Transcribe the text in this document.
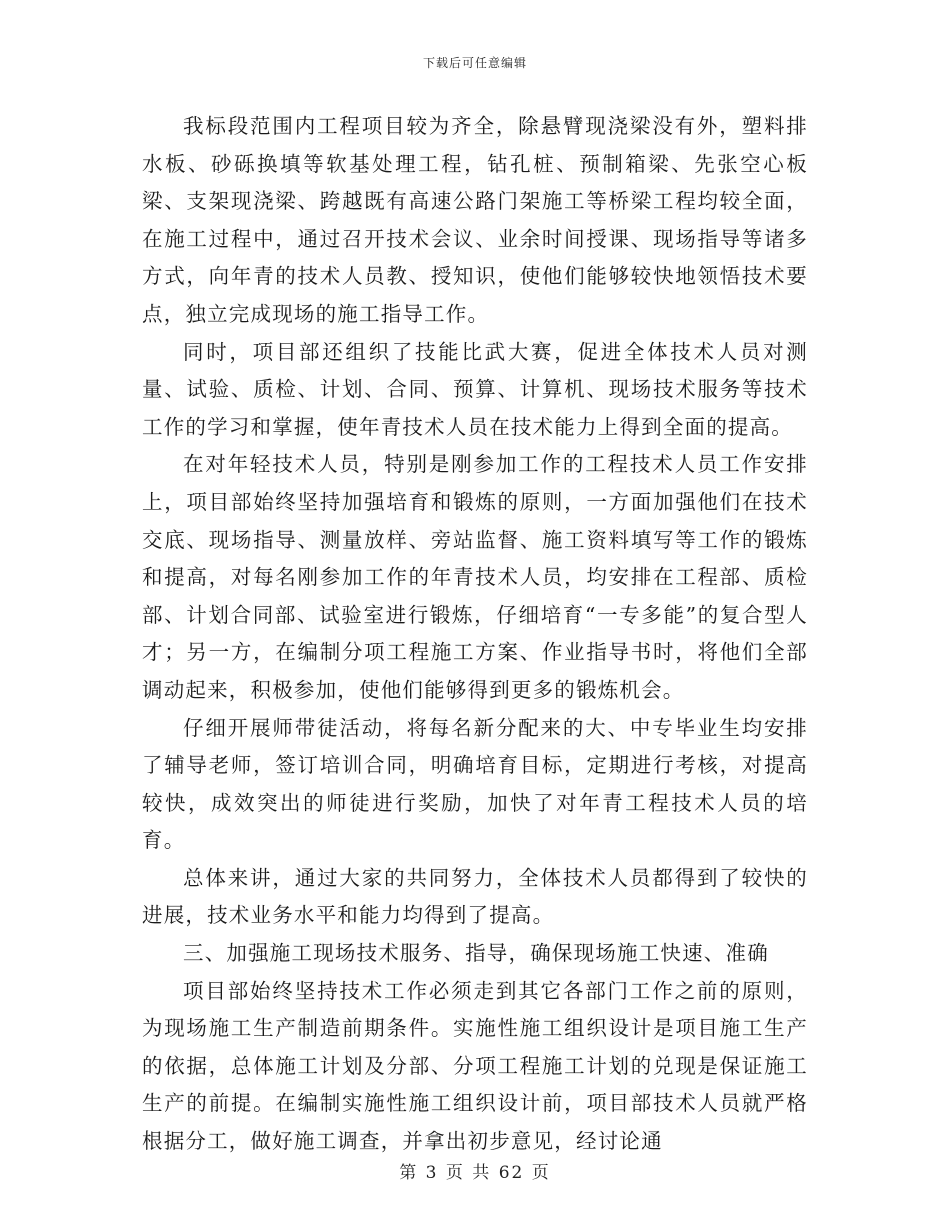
下载后可任意编辑

我标段范围内工程项目较为齐全，除悬臂现浇梁没有外，塑料排水板、砂砾换填等软基处理工程，钻孔桩、预制箱梁、先张空心板梁、支架现浇梁、跨越既有高速公路门架施工等桥梁工程均较全面，在施工过程中，通过召开技术会议、业余时间授课、现场指导等诸多方式，向年青的技术人员教、授知识，使他们能够较快地领悟技术要点，独立完成现场的施工指导工作。

同时，项目部还组织了技能比武大赛，促进全体技术人员对测量、试验、质检、计划、合同、预算、计算机、现场技术服务等技术工作的学习和掌握，使年青技术人员在技术能力上得到全面的提高。

在对年轻技术人员，特别是刚参加工作的工程技术人员工作安排上，项目部始终坚持加强培育和锻炼的原则，一方面加强他们在技术交底、现场指导、测量放样、旁站监督、施工资料填写等工作的锻炼和提高，对每名刚参加工作的年青技术人员，均安排在工程部、质检部、计划合同部、试验室进行锻炼，仔细培育“一专多能”的复合型人才；另一方，在编制分项工程施工方案、作业指导书时，将他们全部调动起来，积极参加，使他们能够得到更多的锻炼机会。

仔细开展师带徒活动，将每名新分配来的大、中专毕业生均安排了辅导老师，签订培训合同，明确培育目标，定期进行考核，对提高较快，成效突出的师徒进行奖励，加快了对年青工程技术人员的培育。

总体来讲，通过大家的共同努力，全体技术人员都得到了较快的进展，技术业务水平和能力均得到了提高。

三、加强施工现场技术服务、指导，确保现场施工快速、准确

项目部始终坚持技术工作必须走到其它各部门工作之前的原则，为现场施工生产制造前期条件。实施性施工组织设计是项目施工生产的依据，总体施工计划及分部、分项工程施工计划的兑现是保证施工生产的前提。在编制实施性施工组织设计前，项目部技术人员就严格根据分工，做好施工调查，并拿出初步意见，经讨论通

第 3 页 共 62 页
